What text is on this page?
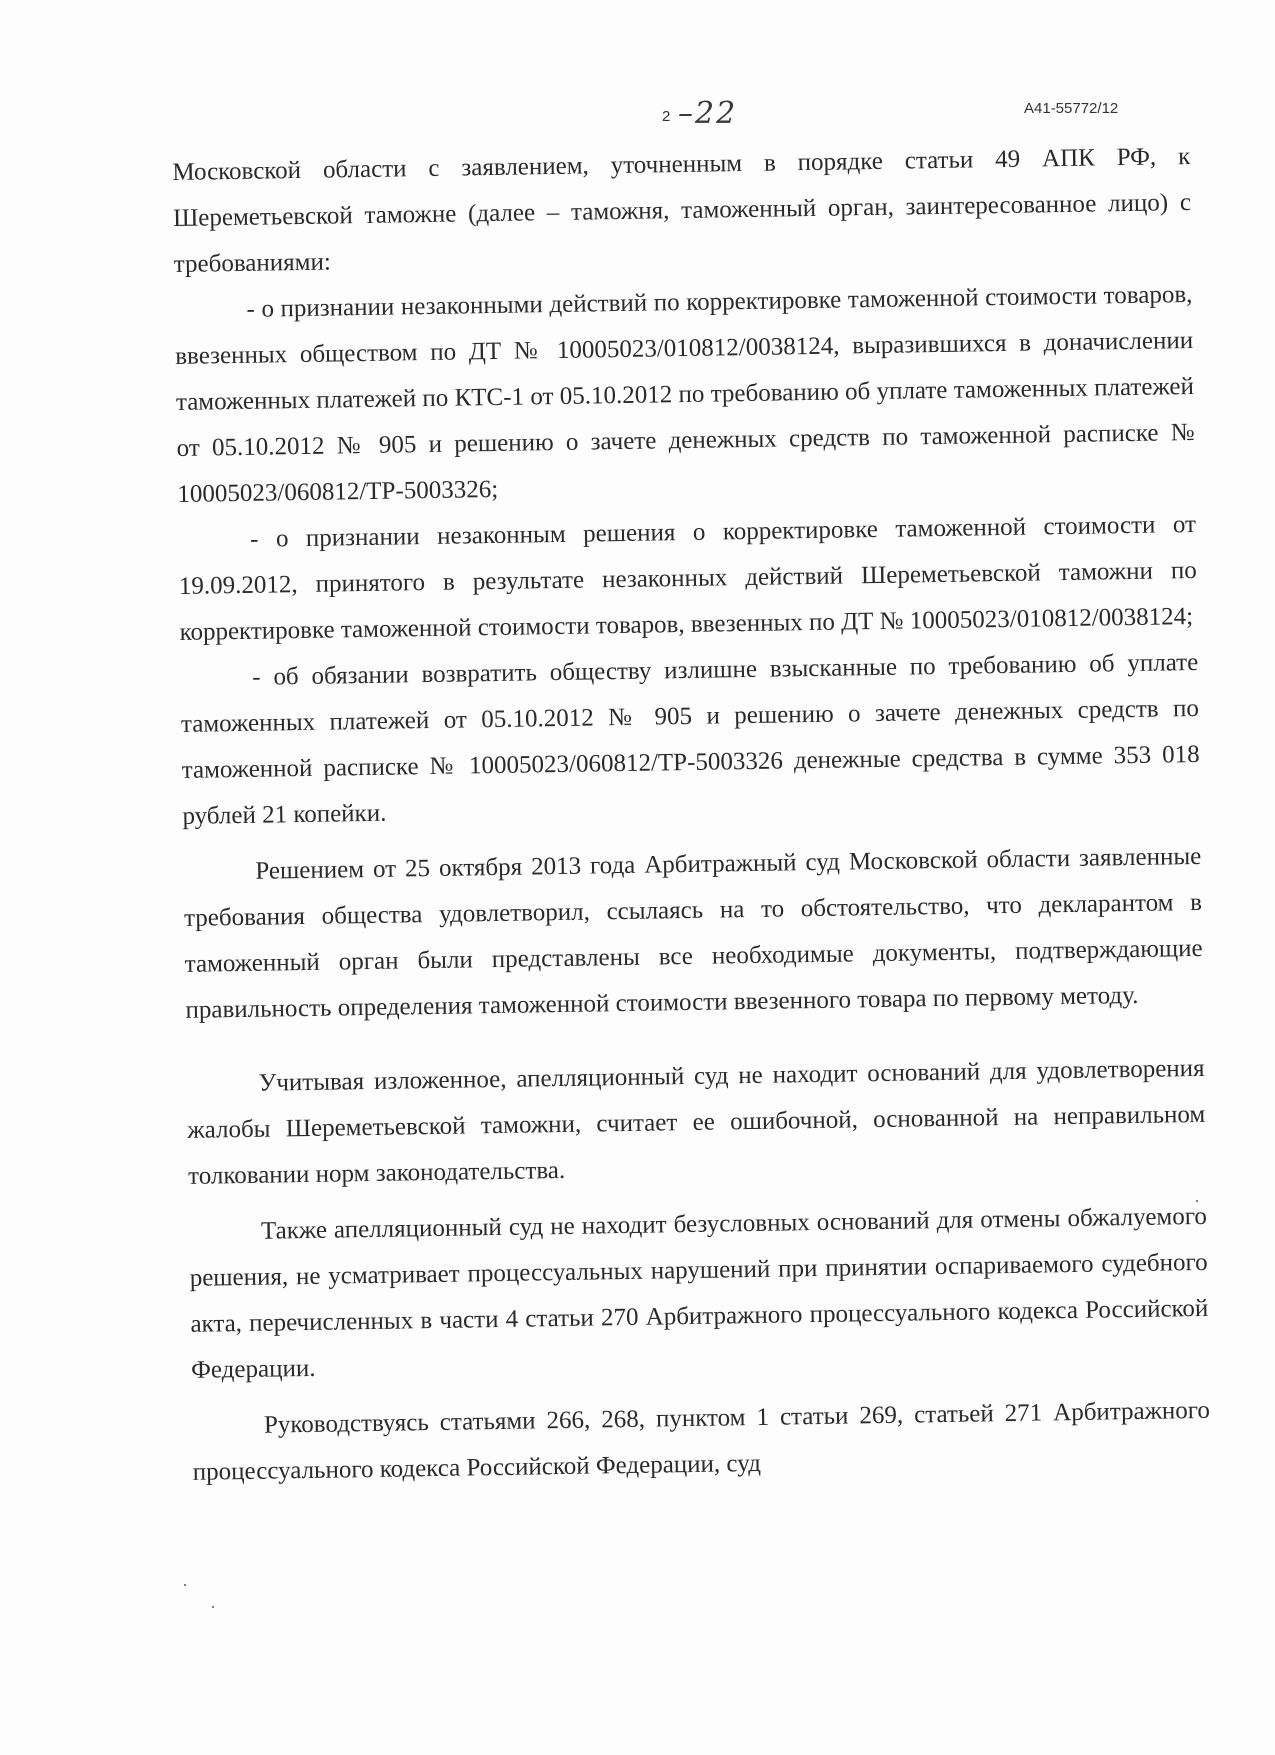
2 –22	А41-55772/12

Московской области с заявлением, уточненным в порядке статьи 49 АПК РФ, к Шереметьевской таможне (далее – таможня, таможенный орган, заинтересованное лицо) с требованиями:

- о признании незаконными действий по корректировке таможенной стоимости товаров, ввезенных обществом по ДТ № 10005023/010812/0038124, выразившихся в доначислении таможенных платежей по КТС-1 от 05.10.2012 по требованию об уплате таможенных платежей от 05.10.2012 № 905 и решению о зачете денежных средств по таможенной расписке № 10005023/060812/ТР-5003326;

- о признании незаконным решения о корректировке таможенной стоимости от 19.09.2012, принятого в результате незаконных действий Шереметьевской таможни по корректировке таможенной стоимости товаров, ввезенных по ДТ № 10005023/010812/0038124;

- об обязании возвратить обществу излишне взысканные по требованию об уплате таможенных платежей от 05.10.2012 № 905 и решению о зачете денежных средств по таможенной расписке № 10005023/060812/ТР-5003326 денежные средства в сумме 353 018 рублей 21 копейки.

Решением от 25 октября 2013 года Арбитражный суд Московской области заявленные требования общества удовлетворил, ссылаясь на то обстоятельство, что декларантом в таможенный орган были представлены все необходимые документы, подтверждающие правильность определения таможенной стоимости ввезенного товара по первому методу.

Учитывая изложенное, апелляционный суд не находит оснований для удовлетворения жалобы Шереметьевской таможни, считает ее ошибочной, основанной на неправильном толковании норм законодательства.

Также апелляционный суд не находит безусловных оснований для отмены обжалуемого решения, не усматривает процессуальных нарушений при принятии оспариваемого судебного акта, перечисленных в части 4 статьи 270 Арбитражного процессуального кодекса Российской Федерации.

Руководствуясь статьями 266, 268, пунктом 1 статьи 269, статьей 271 Арбитражного процессуального кодекса Российской Федерации, суд
